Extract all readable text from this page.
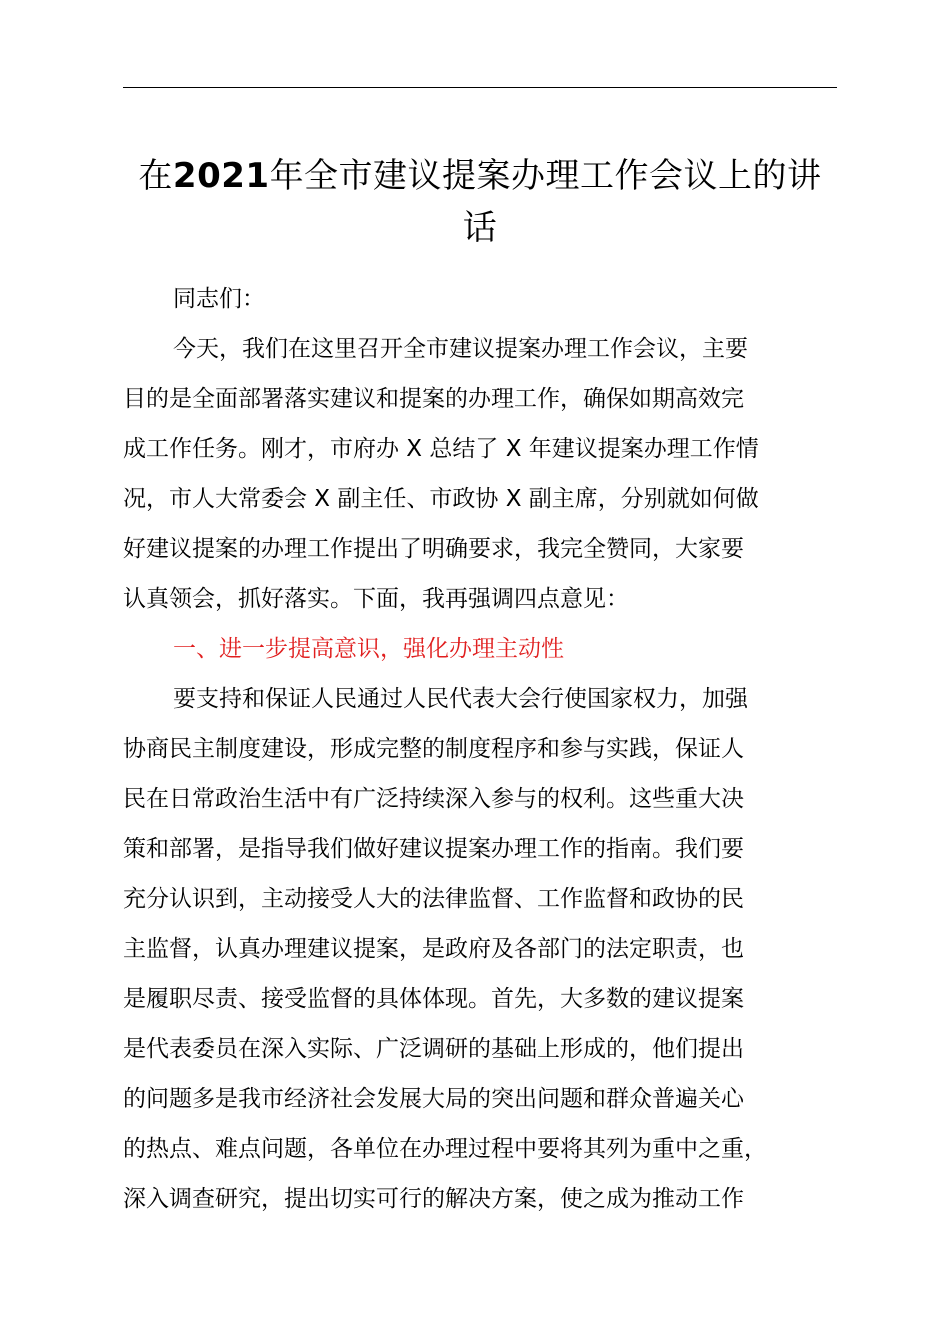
在2021年全市建议提案办理工作会议上的讲
话
同志们：
今天，我们在这里召开全市建议提案办理工作会议，主要
目的是全面部署落实建议和提案的办理工作，确保如期高效完
成工作任务。刚才，市府办 X 总结了 X 年建议提案办理工作情
况，市人大常委会 X 副主任、市政协 X 副主席，分别就如何做
好建议提案的办理工作提出了明确要求，我完全赞同，大家要
认真领会，抓好落实。下面，我再强调四点意见：
一、进一步提高意识，强化办理主动性
要支持和保证人民通过人民代表大会行使国家权力，加强
协商民主制度建设，形成完整的制度程序和参与实践，保证人
民在日常政治生活中有广泛持续深入参与的权利。这些重大决
策和部署，是指导我们做好建议提案办理工作的指南。我们要
充分认识到，主动接受人大的法律监督、工作监督和政协的民
主监督，认真办理建议提案，是政府及各部门的法定职责，也
是履职尽责、接受监督的具体体现。首先，大多数的建议提案
是代表委员在深入实际、广泛调研的基础上形成的，他们提出
的问题多是我市经济社会发展大局的突出问题和群众普遍关心
的热点、难点问题，各单位在办理过程中要将其列为重中之重，
深入调查研究，提出切实可行的解决方案，使之成为推动工作
